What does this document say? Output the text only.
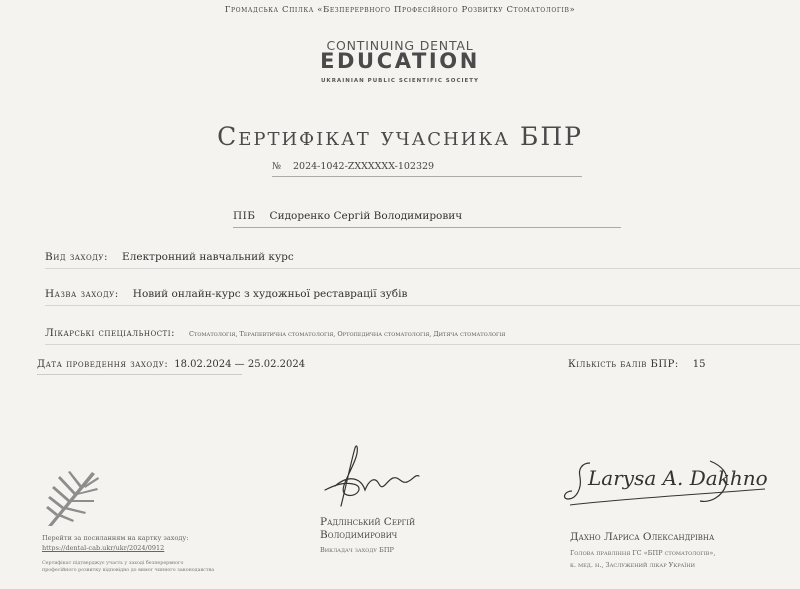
Громадська Спілка «Безперервного Професійного Розвитку Стоматологів»
CONTINUING DENTAL
EDUCATION
UKRAINIAN PUBLIC SCIENTIFIC SOCIETY
Сертифікат учасника БПР
№ 2024-1042-ZXXXXXX-102329
ПІБ Сидоренко Сергій Володимирович
Вид заходу: Електронний навчальний курс
Назва заходу: Новий онлайн-курс з художньої реставрації зубів
Лікарські спеціальності: Стоматологія, Терапевтична стоматологія, Ортопедична стоматологія, Дитяча стоматологія
Дата проведення заходу: 18.02.2024 — 25.02.2024	Кількість балів БПР: 15
Перейти за посиланням на картку заходу:
https://dental-cab.ukr/ukr/2024/0912
Сертифікат підтверджує участь у заході безперервного професійного розвитку відповідно до вимог чинного законодавства
Larysa A. Dakhno
Радлінський Сергій Володимирович
Викладач заходу БПР
Дахно Лариса Олександрівна
Голова правління ГС «БПР стоматологів»,
к. мед. н., Заслужений лікар України
